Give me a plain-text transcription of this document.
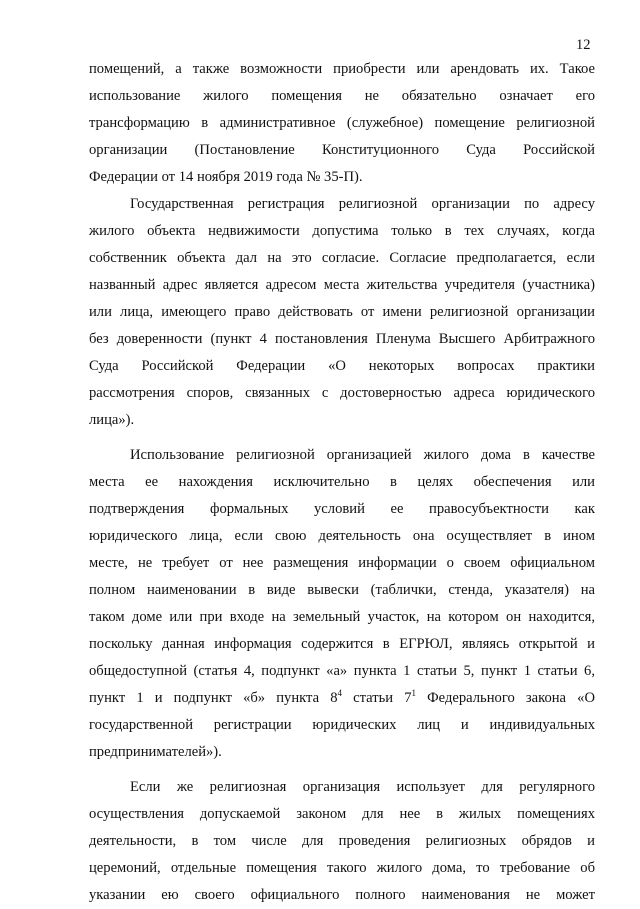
12
помещений, а также возможности приобрести или арендовать их. Такое
использование жилого помещения не обязательно означает его
трансформацию в административное (служебное) помещение религиозной
организации (Постановление Конституционного Суда Российской
Федерации от 14 ноября 2019 года № 35-П).
Государственная регистрация религиозной организации по адресу
жилого объекта недвижимости допустима только в тех случаях, когда
собственник объекта дал на это согласие. Согласие предполагается, если
названный адрес является адресом места жительства учредителя (участника)
или лица, имеющего право действовать от имени религиозной организации
без доверенности (пункт 4 постановления Пленума Высшего Арбитражного
Суда Российской Федерации «О некоторых вопросах практики
рассмотрения споров, связанных с достоверностью адреса юридического
лица»).
Использование религиозной организацией жилого дома в качестве
места ее нахождения исключительно в целях обеспечения или
подтверждения формальных условий ее правосубъектности как
юридического лица, если свою деятельность она осуществляет в ином
месте, не требует от нее размещения информации о своем официальном
полном наименовании в виде вывески (таблички, стенда, указателя) на
таком доме или при входе на земельный участок, на котором он находится,
поскольку данная информация содержится в ЕГРЮЛ, являясь открытой и
общедоступной (статья 4, подпункт «а» пункта 1 статьи 5, пункт 1 статьи 6,
пункт 1 и подпункт «б» пункта $8^4$ статьи $7^1$ Федерального закона «О
государственной регистрации юридических лиц и индивидуальных
предпринимателей»).
Если же религиозная организация использует для регулярного
осуществления допускаемой законом для нее в жилых помещениях
деятельности, в том числе для проведения религиозных обрядов и
церемоний, отдельные помещения такого жилого дома, то требование об
указании ею своего официального полного наименования не может
